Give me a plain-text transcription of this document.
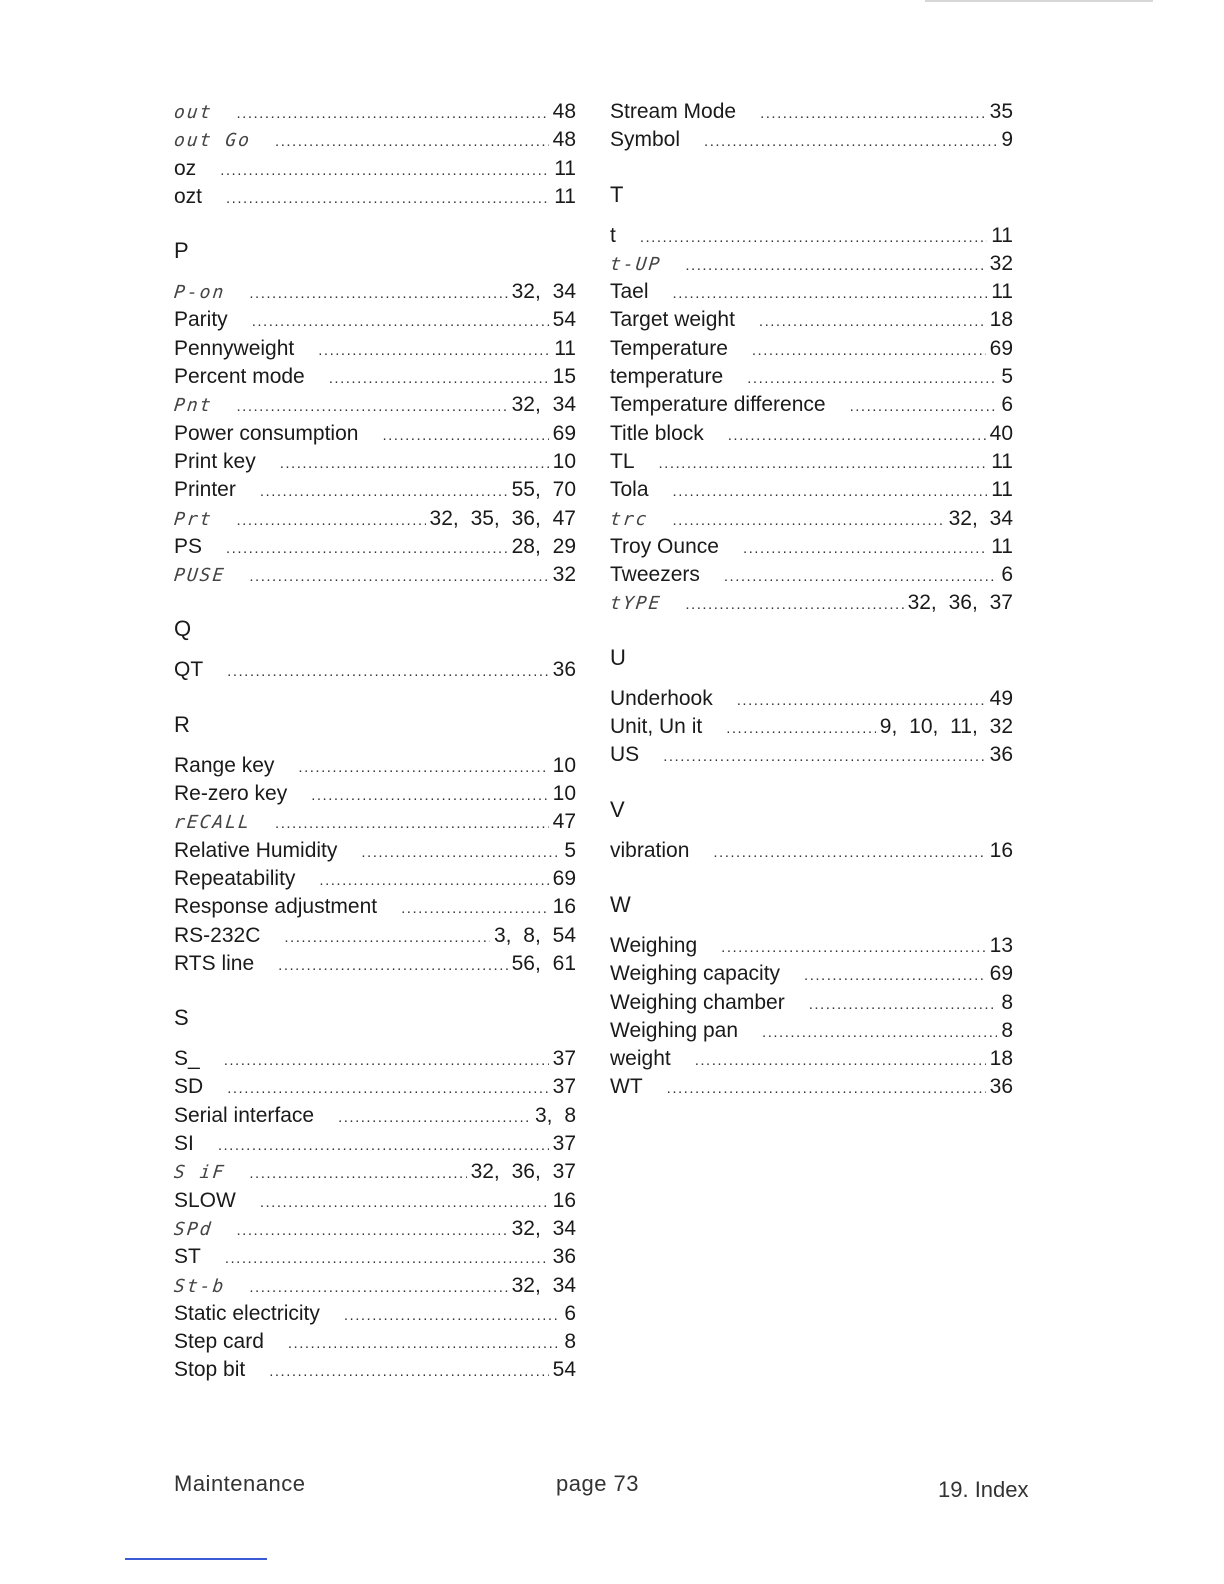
out .....	48
out Go .....	48
oz .....	11
ozt .....	11
P
P-on .....	32, 34
Parity .....	54
Pennyweight .....	11
Percent mode .....	15
Pnt .....	32, 34
Power consumption .....	69
Print key .....	10
Printer .....	55, 70
Prt .....	32, 35, 36, 47
PS .....	28, 29
PUSE .....	32
Q
QT .....	36
R
Range key .....	10
Re-zero key .....	10
rECALL .....	47
Relative Humidity .....	5
Repeatability .....	69
Response adjustment .....	16
RS-232C .....	3, 8, 54
RTS line .....	56, 61
S
S_ .....	37
SD .....	37
Serial interface .....	3, 8
SI .....	37
S iF .....	32, 36, 37
SLOW .....	16
SPd .....	32, 34
ST .....	36
St-b .....	32, 34
Static electricity .....	6
Step card .....	8
Stop bit .....	54
Stream Mode .....	35
Symbol .....	9
T
t .....	11
t-UP .....	32
Tael .....	11
Target weight .....	18
Temperature .....	69
temperature .....	5
Temperature difference .....	6
Title block .....	40
TL .....	11
Tola .....	11
trc .....	32, 34
Troy Ounce .....	11
Tweezers .....	6
tYPE .....	32, 36, 37
U
Underhook .....	49
Unit, Un it .....	9, 10, 11, 32
US .....	36
V
vibration .....	16
W
Weighing .....	13
Weighing capacity .....	69
Weighing chamber .....	8
Weighing pan .....	8
weight .....	18
WT .....	36
Maintenance	page 73	19. Index
